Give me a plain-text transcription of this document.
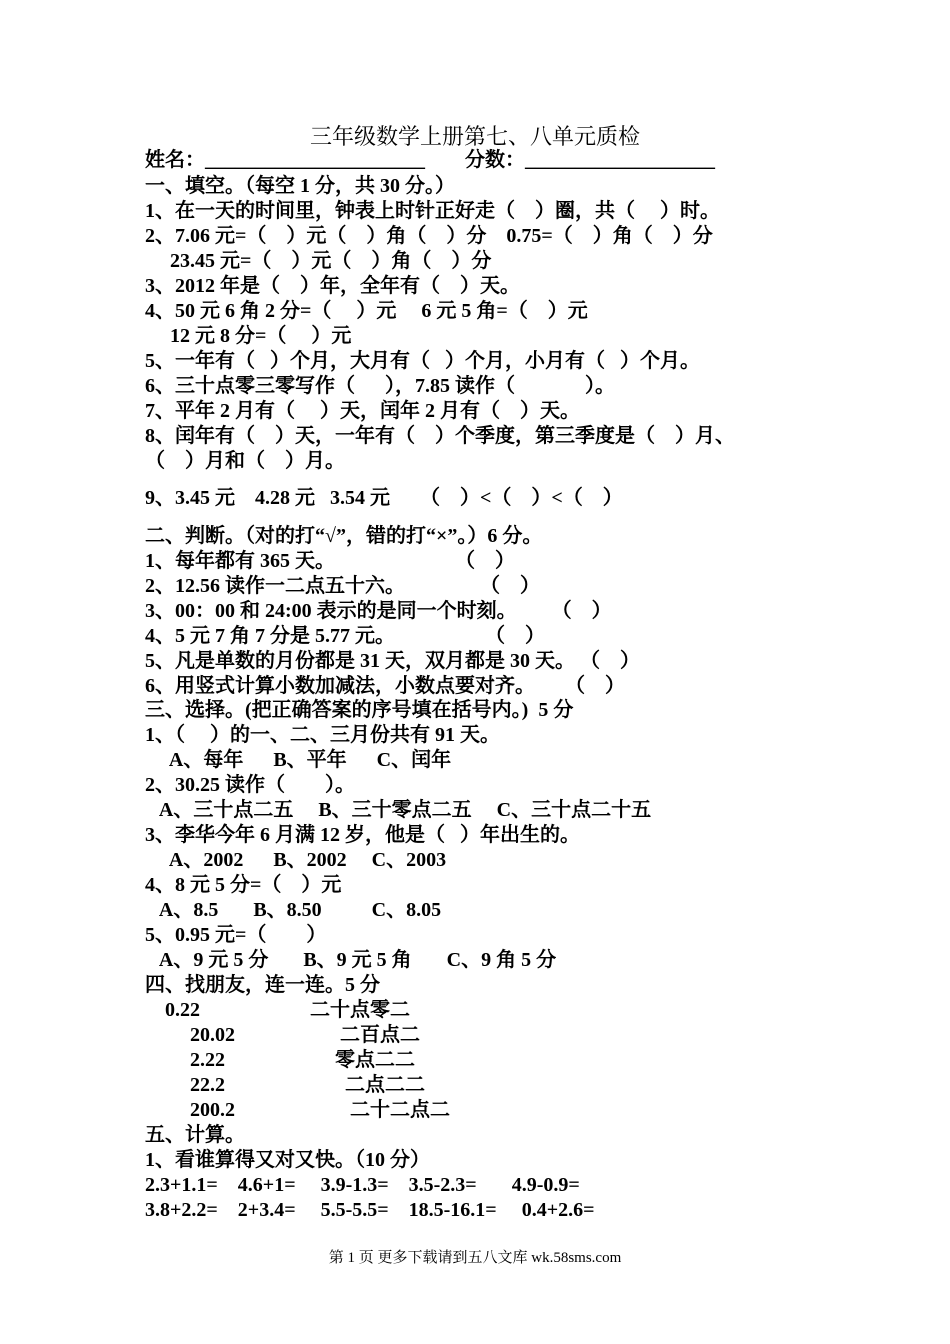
三年级数学上册第七、八单元质检
姓名：______________________        分数：___________________
一、填空。（每空 1 分，共 30 分。）
1、在一天的时间里，钟表上时针正好走（    ）圈，共（     ）时。
2、7.06 元=（    ）元（    ）角（    ）分    0.75=（    ）角（    ）分
23.45 元=（    ）元（    ）角（    ）分
3、2012 年是（    ）年，全年有（    ）天。
4、50 元 6 角 2 分=（     ）元     6 元 5 角=（    ）元
12 元 8 分=（     ）元
5、一年有（   ）个月，大月有（   ）个月，小月有（   ）个月。
6、三十点零三零写作（      ），7.85 读作（              ）。
7、平年 2 月有（     ）天，闰年 2 月有（    ）天。
8、闰年有（    ）天，一年有（    ）个季度，第三季度是（    ）月、
（    ）月和（    ）月。
9、3.45 元    4.28 元   3.54 元      （    ）<（    ）<（    ）
二、判断。（对的打“√”，错的打“×”。）6 分。
1、每年都有 365 天。                        （    ）
2、12.56 读作一二点五十六。               （    ）
3、00：00 和 24:00 表示的是同一个时刻。       （    ）
4、5 元 7 角 7 分是 5.77 元。                  （    ）
5、凡是单数的月份都是 31 天，双月都是 30 天。 （    ）
6、用竖式计算小数加减法，小数点要对齐。      （    ）
三、选择。(把正确答案的序号填在括号内。)  5 分
1、（     ）的一、二、三月份共有 91 天。
A、每年      B、平年      C、闰年
2、30.25 读作（        ）。
A、三十点二五     B、三十零点二五     C、三十点二十五
3、李华今年 6 月满 12 岁，他是（   ）年出生的。
A、2002      B、2002     C、2003
4、8 元 5 分=（    ）元
A、8.5       B、8.50          C、8.05
5、0.95 元=（        ）
A、9 元 5 分       B、9 元 5 角       C、9 角 5 分
四、找朋友，连一连。5 分
0.22                      二十点零二
20.02                     二百点二
2.22                      零点二二
22.2                        二点二二
200.2                       二十二点二
五、计算。
1、看谁算得又对又快。（10 分）
2.3+1.1=    4.6+1=     3.9-1.3=    3.5-2.3=       4.9-0.9=
3.8+2.2=    2+3.4=     5.5-5.5=    18.5-16.1=     0.4+2.6=
第 1 页 更多下载请到五八文库 wk.58sms.com
